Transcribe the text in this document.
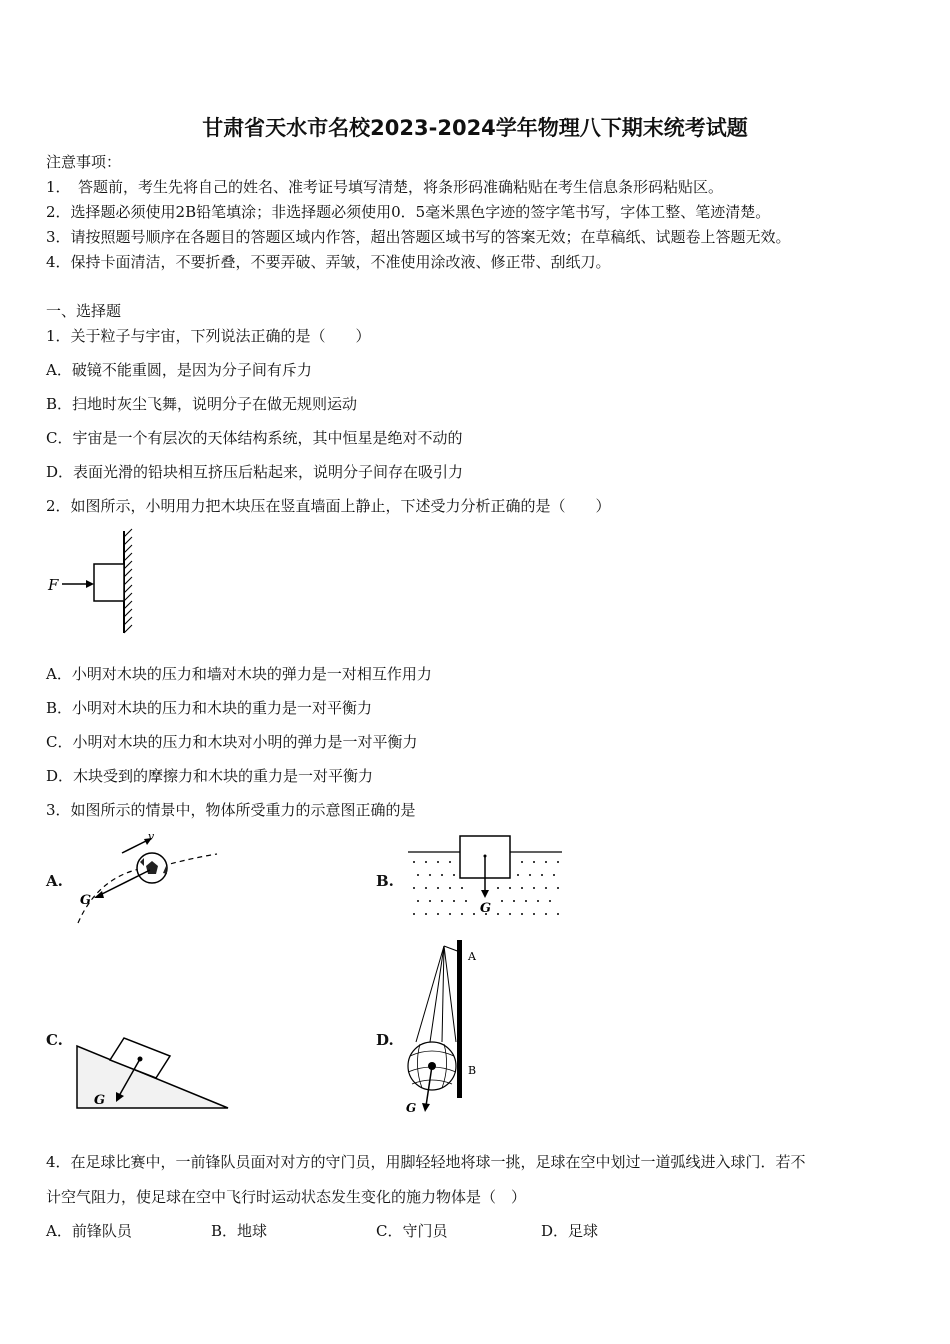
甘肃省天水市名校2023-2024学年物理八下期末统考试题
注意事项：
1．　答题前，考生先将自己的姓名、准考证号填写清楚，将条形码准确粘贴在考生信息条形码粘贴区。
2．选择题必须使用2B铅笔填涂；非选择题必须使用0．5毫米黑色字迹的签字笔书写，字体工整、笔迹清楚。
3．请按照题号顺序在各题目的答题区域内作答，超出答题区域书写的答案无效；在草稿纸、试题卷上答题无效。
4．保持卡面清洁，不要折叠，不要弄破、弄皱，不准使用涂改液、修正带、刮纸刀。
一、选择题
1．关于粒子与宇宙，下列说法正确的是（　　）
A．破镜不能重圆，是因为分子间有斥力
B．扫地时灰尘飞舞，说明分子在做无规则运动
C．宇宙是一个有层次的天体结构系统，其中恒星是绝对不动的
D．表面光滑的铅块相互挤压后粘起来，说明分子间存在吸引力
2．如图所示，小明用力把木块压在竖直墙面上静止，下述受力分析正确的是（　　）
F
A．小明对木块的压力和墙对木块的弹力是一对相互作用力
B．小明对木块的压力和木块的重力是一对平衡力
C．小明对木块的压力和木块对小明的弹力是一对平衡力
D．木块受到的摩擦力和木块的重力是一对平衡力
3．如图所示的情景中，物体所受重力的示意图正确的是
A.
v
G
B.
G
C.
G
D.
G
A
B
4．在足球比赛中，一前锋队员面对对方的守门员，用脚轻轻地将球一挑，足球在空中划过一道弧线进入球门．若不
计空气阻力，使足球在空中飞行时运动状态发生变化的施力物体是（　）
A．前锋队员	B．地球	C．守门员	D．足球
